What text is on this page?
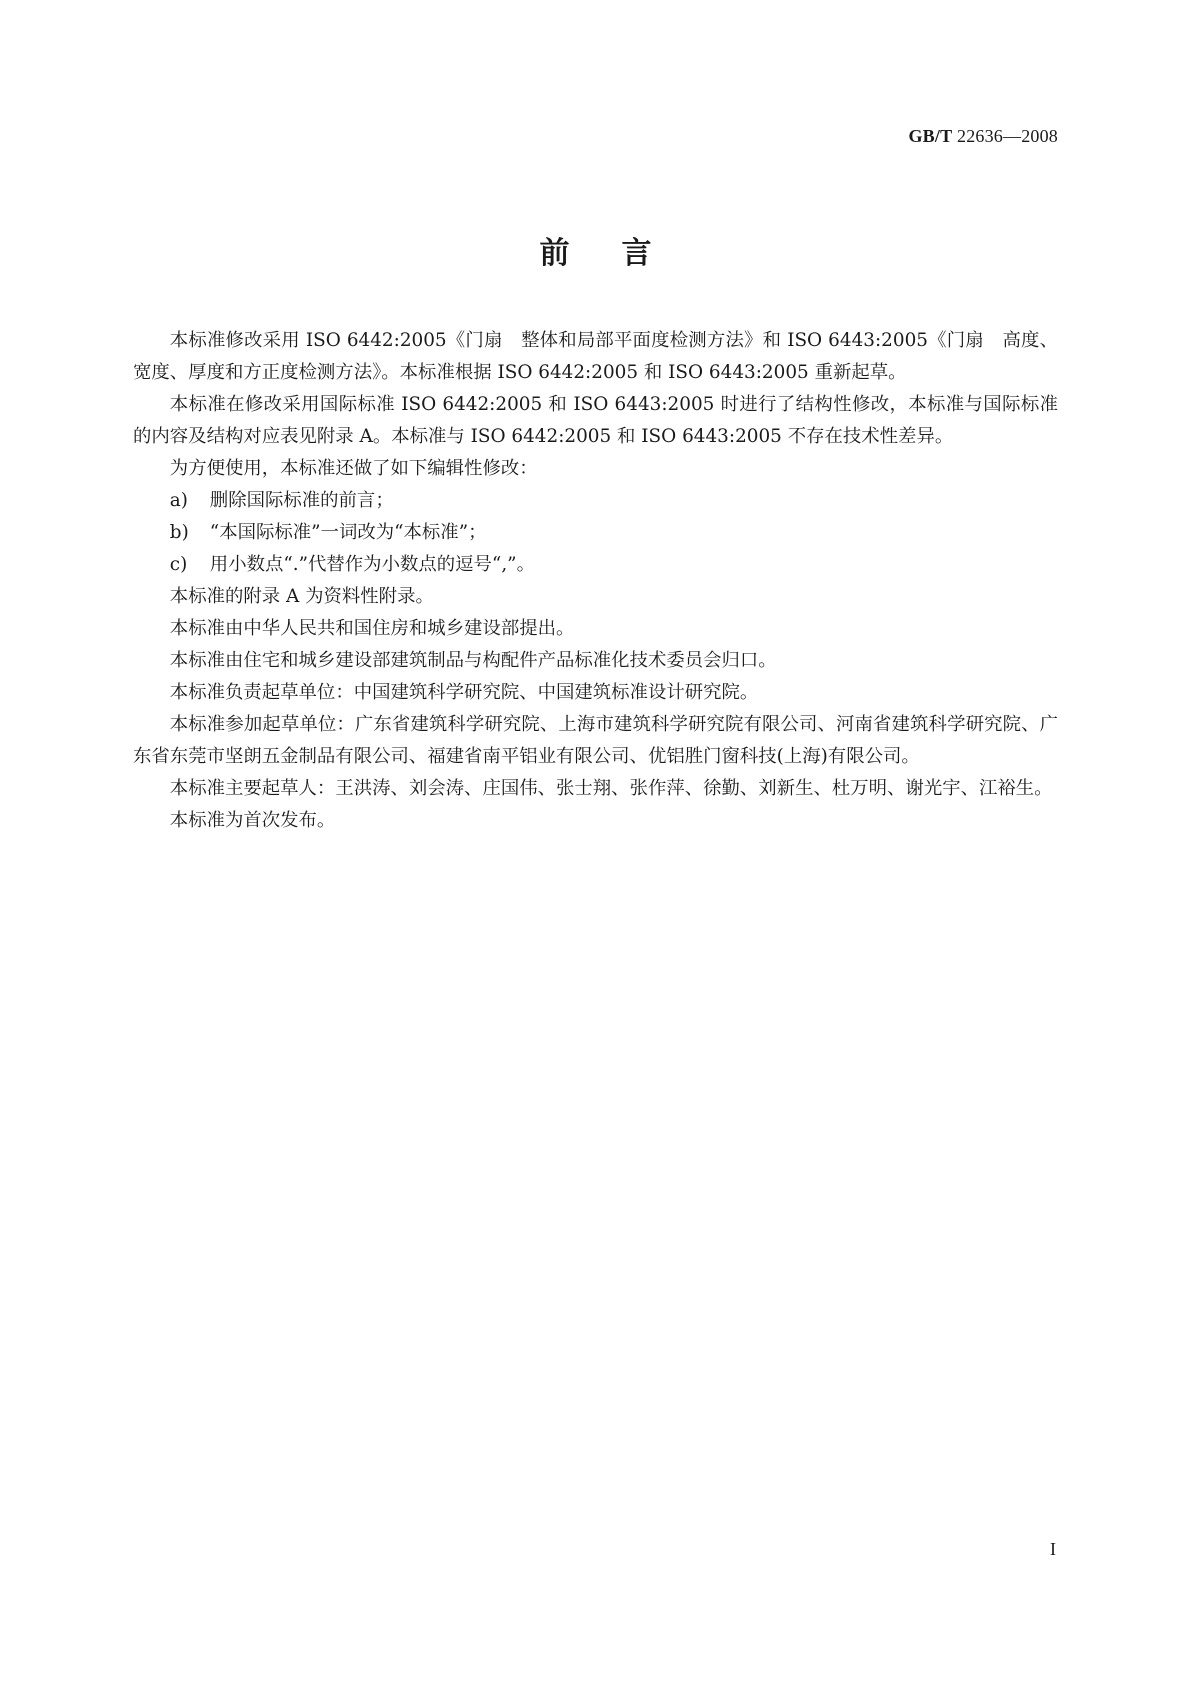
GB/T 22636—2008
前言

本标准修改采用 ISO 6442:2005《门扇　整体和局部平面度检测方法》和 ISO 6443:2005《门扇　高度、宽度、厚度和方正度检测方法》。本标准根据 ISO 6442:2005 和 ISO 6443:2005 重新起草。

本标准在修改采用国际标准 ISO 6442:2005 和 ISO 6443:2005 时进行了结构性修改，本标准与国际标准的内容及结构对应表见附录 A。本标准与 ISO 6442:2005 和 ISO 6443:2005 不存在技术性差异。

为方便使用，本标准还做了如下编辑性修改：

a) 删除国际标准的前言；

b) “本国际标准”一词改为“本标准”；

c) 用小数点“.”代替作为小数点的逗号“,”。

本标准的附录 A 为资料性附录。

本标准由中华人民共和国住房和城乡建设部提出。

本标准由住宅和城乡建设部建筑制品与构配件产品标准化技术委员会归口。

本标准负责起草单位：中国建筑科学研究院、中国建筑标准设计研究院。

本标准参加起草单位：广东省建筑科学研究院、上海市建筑科学研究院有限公司、河南省建筑科学研究院、广东省东莞市坚朗五金制品有限公司、福建省南平铝业有限公司、优铝胜门窗科技(上海)有限公司。

本标准主要起草人：王洪涛、刘会涛、庄国伟、张士翔、张作萍、徐勤、刘新生、杜万明、谢光宇、江裕生。

本标准为首次发布。

I
